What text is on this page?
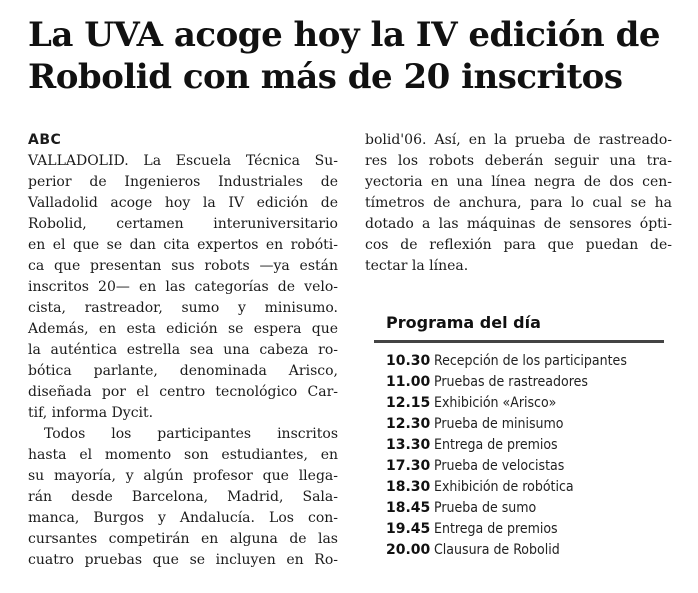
La UVA acoge hoy la IV edición de
Robolid con más de 20 inscritos

ABC

VALLADOLID. La Escuela Técnica Su-
perior de Ingenieros Industriales de
Valladolid acoge hoy la IV edición de
Robolid, certamen interuniversitario
en el que se dan cita expertos en robóti-
ca que presentan sus robots —ya están
inscritos 20— en las categorías de velo-
cista, rastreador, sumo y minisumo.
Además, en esta edición se espera que
la auténtica estrella sea una cabeza ro-
bótica parlante, denominada Arisco,
diseñada por el centro tecnológico Car-
tif, informa Dycit.
Todos los participantes inscritos
hasta el momento son estudiantes, en
su mayoría, y algún profesor que llega-
rán desde Barcelona, Madrid, Sala-
manca, Burgos y Andalucía. Los con-
cursantes competirán en alguna de las
cuatro pruebas que se incluyen en Ro-
bolid'06. Así, en la prueba de rastreado-
res los robots deberán seguir una tra-
yectoria en una línea negra de dos cen-
tímetros de anchura, para lo cual se ha
dotado a las máquinas de sensores ópti-
cos de reflexión para que puedan de-
tectar la línea.

Programa del día

10.30 Recepción de los participantes
11.00 Pruebas de rastreadores
12.15 Exhibición «Arisco»
12.30 Prueba de minisumo
13.30 Entrega de premios
17.30 Prueba de velocistas
18.30 Exhibición de robótica
18.45 Prueba de sumo
19.45 Entrega de premios
20.00 Clausura de Robolid
